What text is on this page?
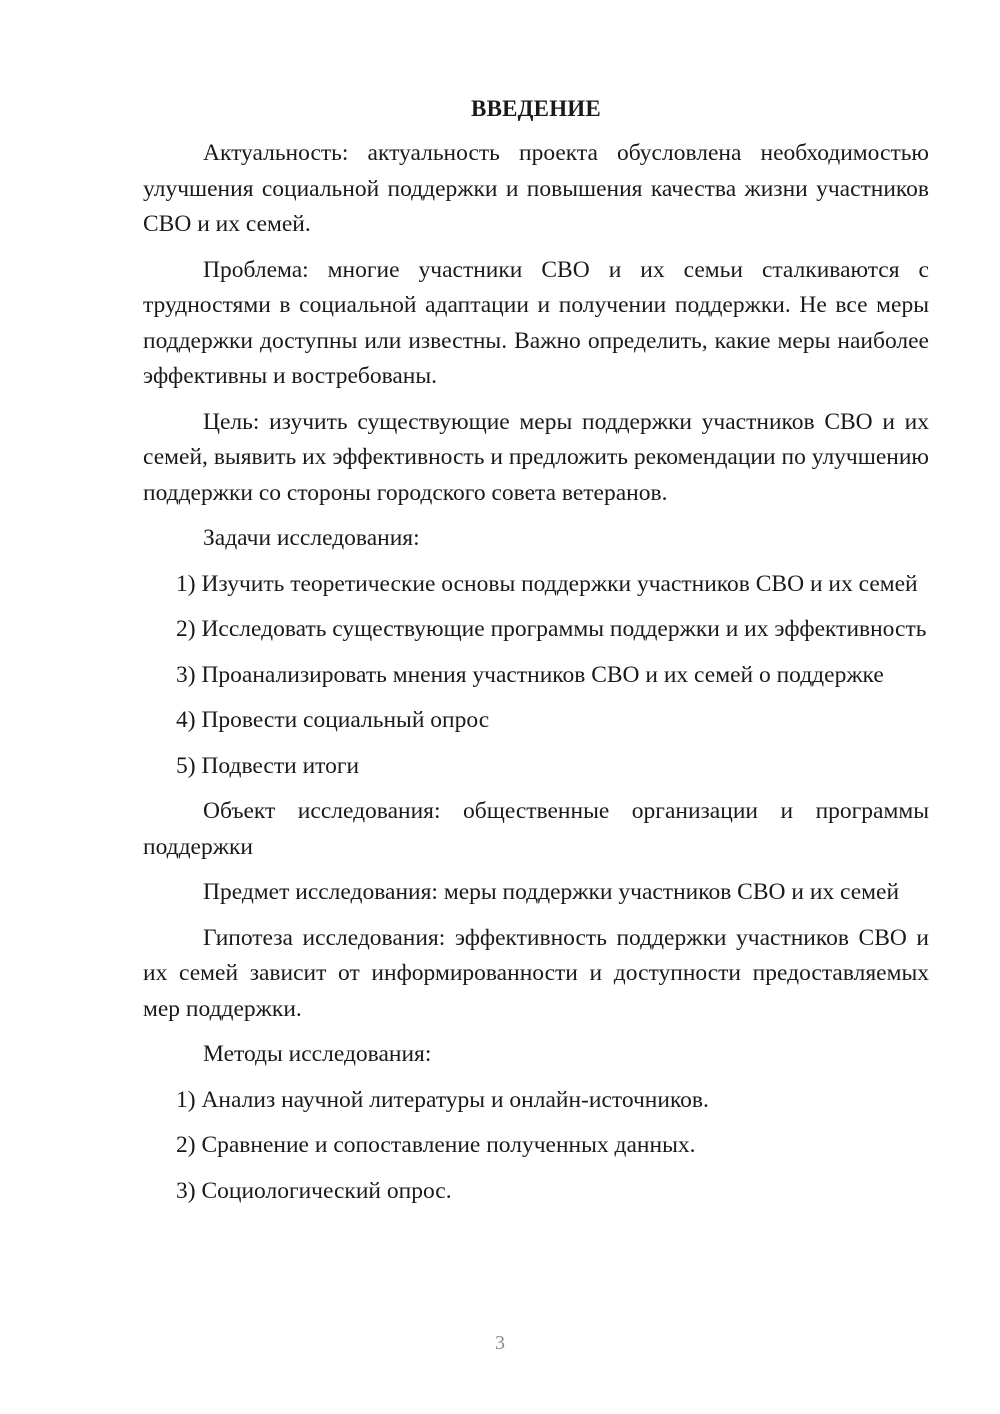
ВВЕДЕНИЕ

Актуальность: актуальность проекта обусловлена необходимостью улучшения социальной поддержки и повышения качества жизни участников СВО и их семей.

Проблема: многие участники СВО и их семьи сталкиваются с трудностями в социальной адаптации и получении поддержки. Не все меры поддержки доступны или известны. Важно определить, какие меры наиболее эффективны и востребованы.

Цель: изучить существующие меры поддержки участников СВО и их семей, выявить их эффективность и предложить рекомендации по улучшению поддержки со стороны городского совета ветеранов.

Задачи исследования:

1) Изучить теоретические основы поддержки участников СВО и их семей

2) Исследовать существующие программы поддержки и их эффективность

3) Проанализировать мнения участников СВО и их семей о поддержке

4) Провести социальный опрос

5) Подвести итоги

Объект исследования: общественные организации и программы поддержки

Предмет исследования: меры поддержки участников СВО и их семей

Гипотеза исследования: эффективность поддержки участников СВО и их семей зависит от информированности и доступности предоставляемых мер поддержки.

Методы исследования:

1) Анализ научной литературы и онлайн-источников.

2) Сравнение и сопоставление полученных данных.

3) Социологический опрос.

3
